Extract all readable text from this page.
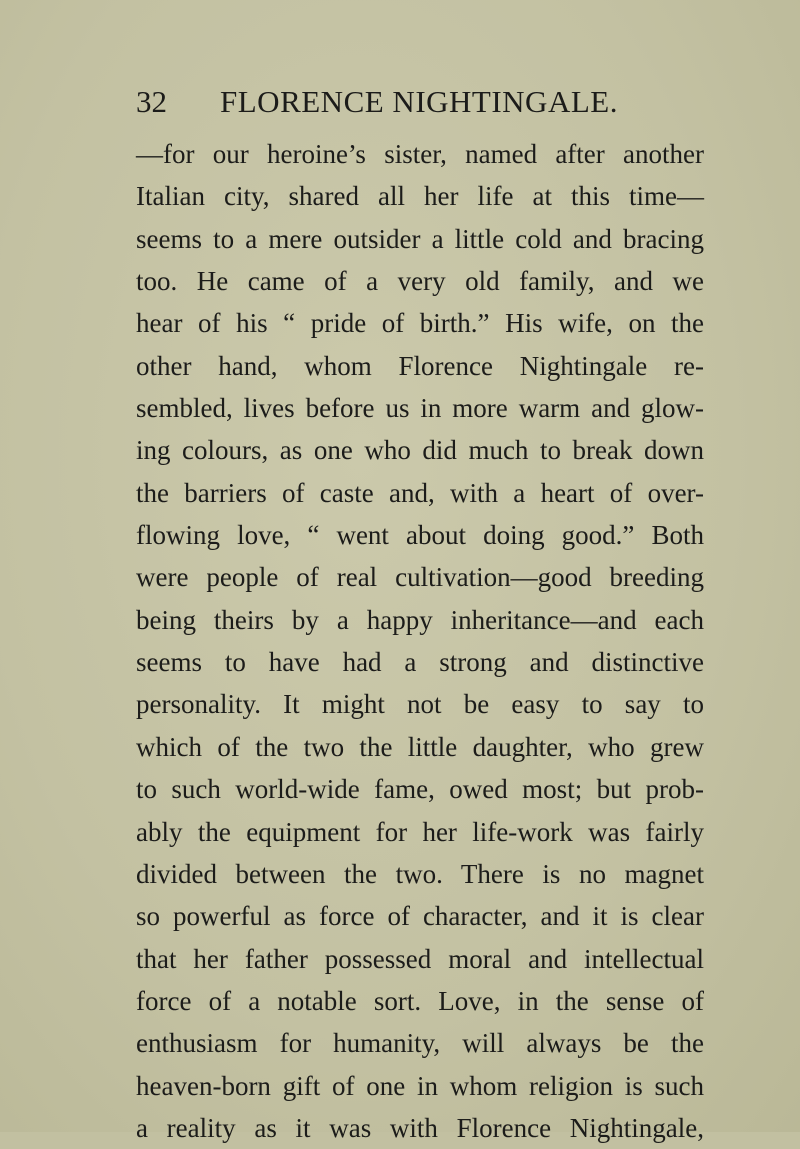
32 FLORENCE NIGHTINGALE.
—for our heroine’s sister, named after another
Italian city, shared all her life at this time—
seems to a mere outsider a little cold and bracing
too. He came of a very old family, and we
hear of his “ pride of birth.” His wife, on the
other hand, whom Florence Nightingale re-
sembled, lives before us in more warm and glow-
ing colours, as one who did much to break down
the barriers of caste and, with a heart of over-
flowing love, “ went about doing good.” Both
were people of real cultivation—good breeding
being theirs by a happy inheritance—and each
seems to have had a strong and distinctive
personality. It might not be easy to say to
which of the two the little daughter, who grew
to such world-wide fame, owed most; but prob-
ably the equipment for her life-work was fairly
divided between the two. There is no magnet
so powerful as force of character, and it is clear
that her father possessed moral and intellectual
force of a notable sort. Love, in the sense of
enthusiasm for humanity, will always be the
heaven-born gift of one in whom religion is such
a reality as it was with Florence Nightingale,
